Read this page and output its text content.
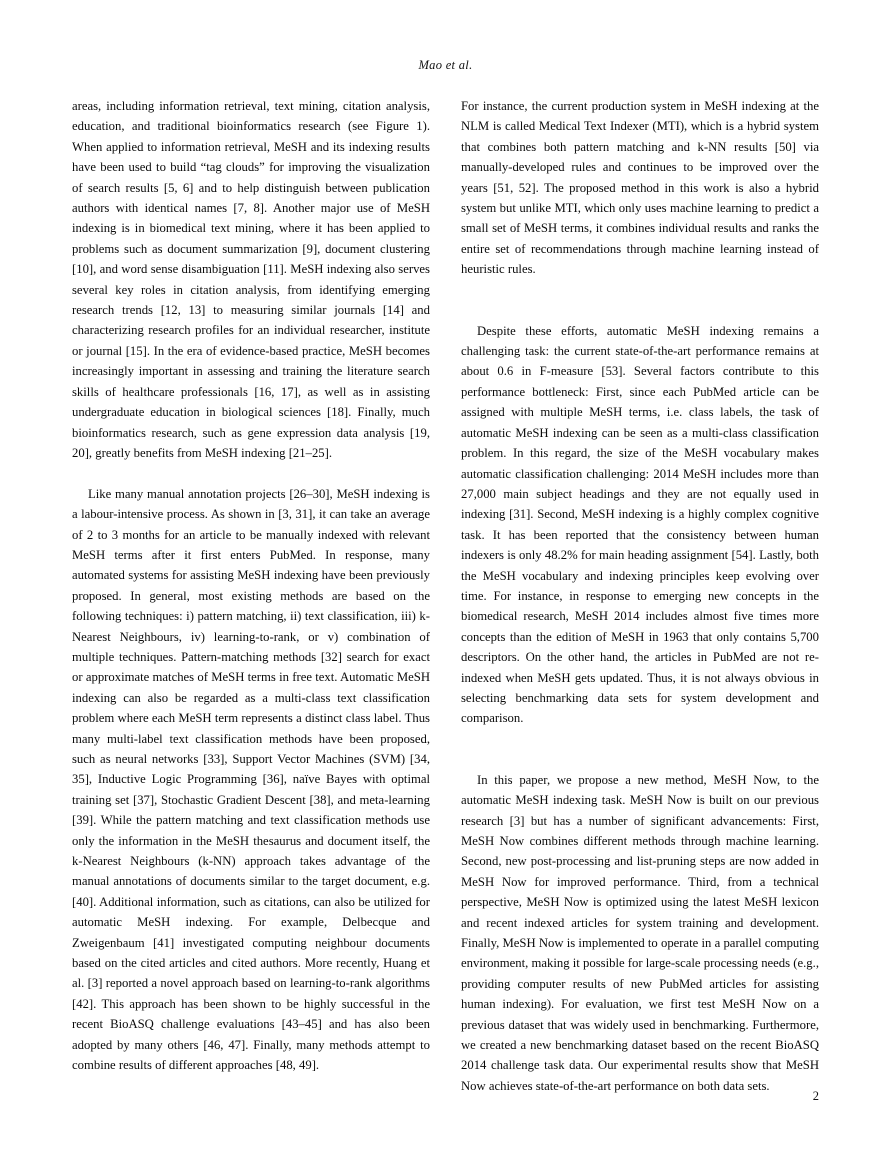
Mao et al.

areas, including information retrieval, text mining, citation analysis, education, and traditional bioinformatics research (see Figure 1). When applied to information retrieval, MeSH and its indexing results have been used to build “tag clouds” for improving the visualization of search results [5, 6] and to help distinguish between publication authors with identical names [7, 8]. Another major use of MeSH indexing is in biomedical text mining, where it has been applied to problems such as document summarization [9], document clustering [10], and word sense disambiguation [11]. MeSH indexing also serves several key roles in citation analysis, from identifying emerging research trends [12, 13] to measuring similar journals [14] and characterizing research profiles for an individual researcher, institute or journal [15]. In the era of evidence-based practice, MeSH becomes increasingly important in assessing and training the literature search skills of healthcare professionals [16, 17], as well as in assisting undergraduate education in biological sciences [18]. Finally, much bioinformatics research, such as gene expression data analysis [19, 20], greatly benefits from MeSH indexing [21–25].

Like many manual annotation projects [26–30], MeSH indexing is a labour-intensive process. As shown in [3, 31], it can take an average of 2 to 3 months for an article to be manually indexed with relevant MeSH terms after it first enters PubMed. In response, many automated systems for assisting MeSH indexing have been previously proposed. In general, most existing methods are based on the following techniques: i) pattern matching, ii) text classification, iii) k-Nearest Neighbours, iv) learning-to-rank, or v) combination of multiple techniques. Pattern-matching methods [32] search for exact or approximate matches of MeSH terms in free text. Automatic MeSH indexing can also be regarded as a multi-class text classification problem where each MeSH term represents a distinct class label. Thus many multi-label text classification methods have been proposed, such as neural networks [33], Support Vector Machines (SVM) [34, 35], Inductive Logic Programming [36], naïve Bayes with optimal training set [37], Stochastic Gradient Descent [38], and meta-learning [39]. While the pattern matching and text classification methods use only the information in the MeSH thesaurus and document itself, the k-Nearest Neighbours (k-NN) approach takes advantage of the manual annotations of documents similar to the target document, e.g. [40]. Additional information, such as citations, can also be utilized for automatic MeSH indexing. For example, Delbecque and Zweigenbaum [41] investigated computing neighbour documents based on the cited articles and cited authors. More recently, Huang et al. [3] reported a novel approach based on learning-to-rank algorithms [42]. This approach has been shown to be highly successful in the recent BioASQ challenge evaluations [43–45] and has also been adopted by many others [46, 47]. Finally, many methods attempt to combine results of different approaches [48, 49].

For instance, the current production system in MeSH indexing at the NLM is called Medical Text Indexer (MTI), which is a hybrid system that combines both pattern matching and k-NN results [50] via manually-developed rules and continues to be improved over the years [51, 52]. The proposed method in this work is also a hybrid system but unlike MTI, which only uses machine learning to predict a small set of MeSH terms, it combines individual results and ranks the entire set of recommendations through machine learning instead of heuristic rules.

Despite these efforts, automatic MeSH indexing remains a challenging task: the current state-of-the-art performance remains at about 0.6 in F-measure [53]. Several factors contribute to this performance bottleneck: First, since each PubMed article can be assigned with multiple MeSH terms, i.e. class labels, the task of automatic MeSH indexing can be seen as a multi-class classification problem. In this regard, the size of the MeSH vocabulary makes automatic classification challenging: 2014 MeSH includes more than 27,000 main subject headings and they are not equally used in indexing [31]. Second, MeSH indexing is a highly complex cognitive task. It has been reported that the consistency between human indexers is only 48.2% for main heading assignment [54]. Lastly, both the MeSH vocabulary and indexing principles keep evolving over time. For instance, in response to emerging new concepts in the biomedical research, MeSH 2014 includes almost five times more concepts than the edition of MeSH in 1963 that only contains 5,700 descriptors. On the other hand, the articles in PubMed are not re-indexed when MeSH gets updated. Thus, it is not always obvious in selecting benchmarking data sets for system development and comparison.

In this paper, we propose a new method, MeSH Now, to the automatic MeSH indexing task. MeSH Now is built on our previous research [3] but has a number of significant advancements: First, MeSH Now combines different methods through machine learning. Second, new post-processing and list-pruning steps are now added in MeSH Now for improved performance. Third, from a technical perspective, MeSH Now is optimized using the latest MeSH lexicon and recent indexed articles for system training and development. Finally, MeSH Now is implemented to operate in a parallel computing environment, making it possible for large-scale processing needs (e.g., providing computer results of new PubMed articles for assisting human indexing). For evaluation, we first test MeSH Now on a previous dataset that was widely used in benchmarking. Furthermore, we created a new benchmarking dataset based on the recent BioASQ 2014 challenge task data. Our experimental results show that MeSH Now achieves state-of-the-art performance on both data sets.

2
